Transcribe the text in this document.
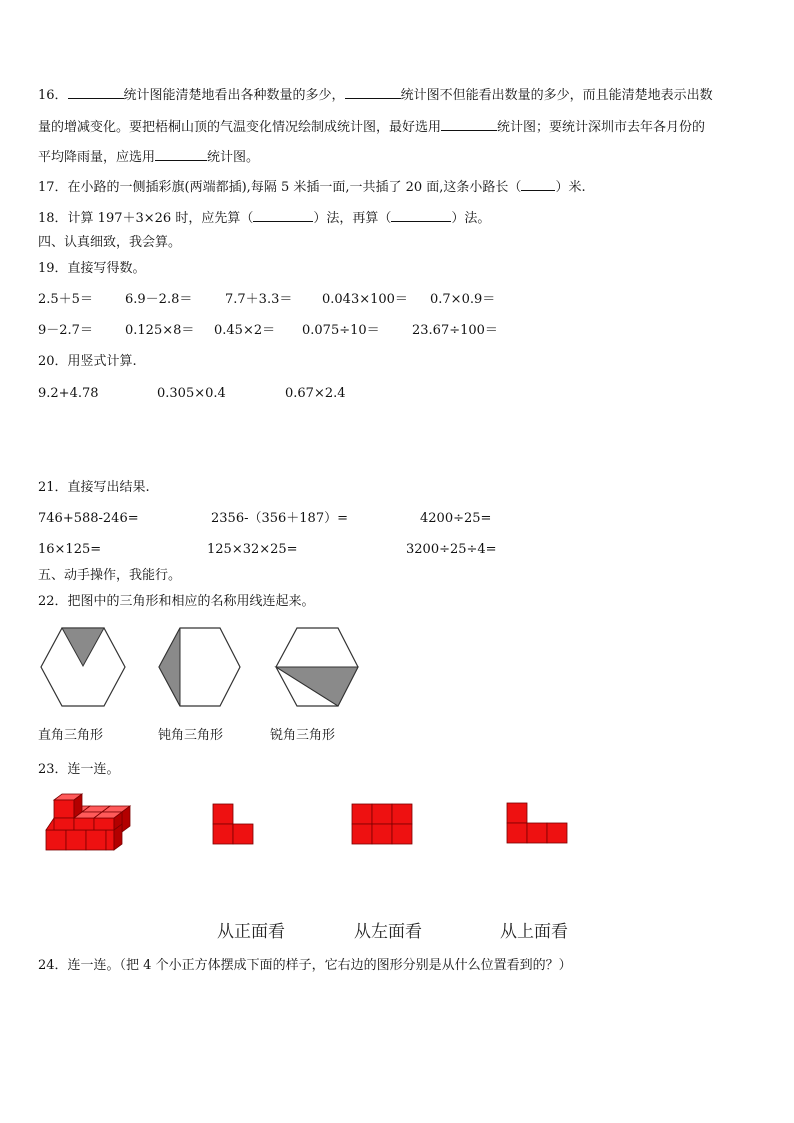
16．	统计图能清楚地看出各种数量的多少，	统计图不但能看出数量的多少，而且能清楚地表示出数
量的增减变化。要把梧桐山顶的气温变化情况绘制成统计图，最好选用	统计图；要统计深圳市去年各月份的
平均降雨量，应选用	统计图。
17．在小路的一侧插彩旗(两端都插),每隔 5 米插一面,一共插了 20 面,这条小路长（	）米.
18．计算 197＋3×26 时，应先算（	）法，再算（	）法。
四、认真细致，我会算。
19．直接写得数。
2.5＋5＝ 6.9－2.8＝	7.7＋3.3＝ 0.043×100＝ 0.7×0.9＝
9－2.7＝ 0.125×8＝ 0.45×2＝ 0.075÷10＝ 23.67÷100＝
20．用竖式计算.
9.2+4.78	0.305×0.4	0.67×2.4
21．直接写出结果.
746+588-246=	2356-（356＋187）=	4200÷25=
16×125=	125×32×25=	3200÷25÷4=
五、动手操作，我能行。
22．把图中的三角形和相应的名称用线连起来。
直角三角形	钝角三角形	锐角三角形
23．连一连。
从正面看	从左面看	从上面看
24．连一连。（把 4 个小正方体摆成下面的样子，它右边的图形分别是从什么位置看到的？）
